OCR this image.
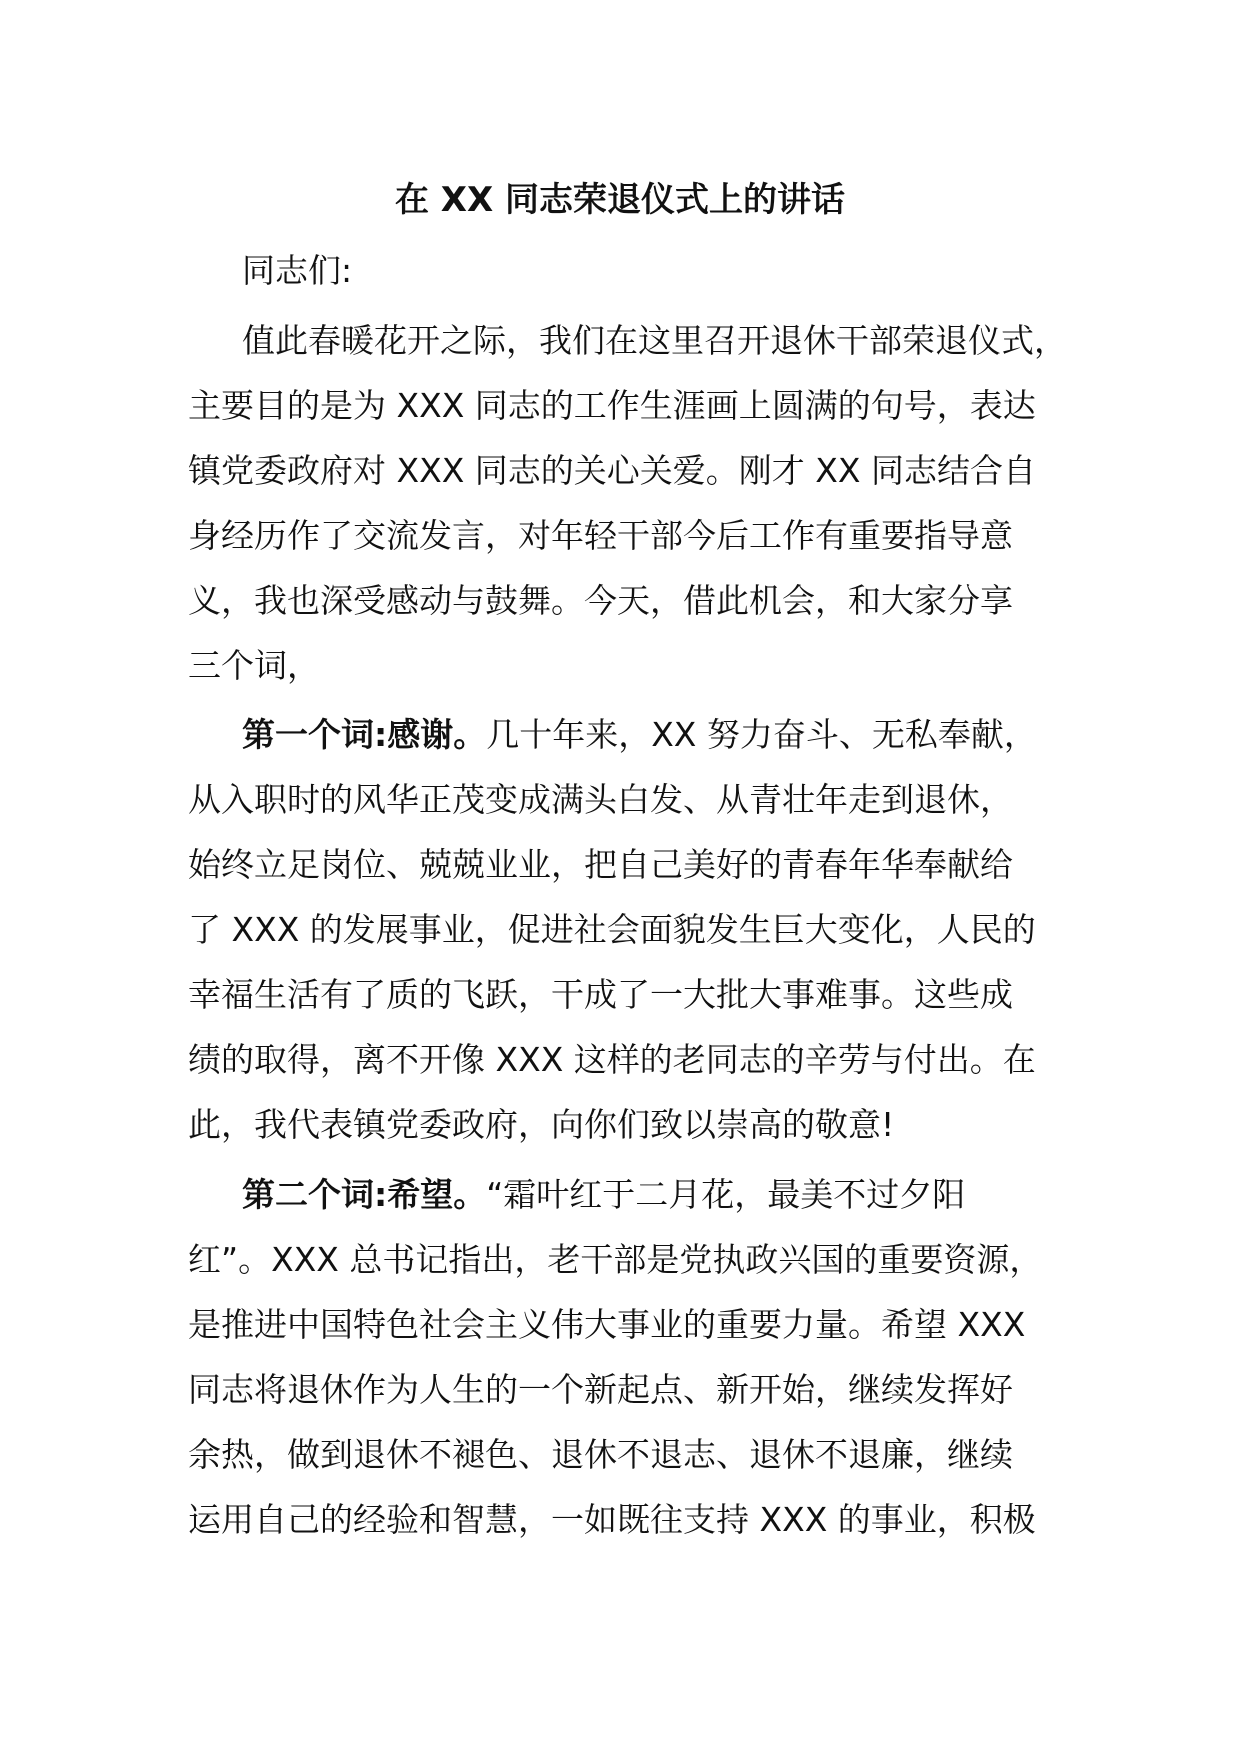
在 XX 同志荣退仪式上的讲话
同志们:
值此春暖花开之际，我们在这里召开退休干部荣退仪式，
主要目的是为 XXX 同志的工作生涯画上圆满的句号，表达
镇党委政府对 XXX 同志的关心关爱。刚才 XX 同志结合自
身经历作了交流发言，对年轻干部今后工作有重要指导意
义，我也深受感动与鼓舞。今天，借此机会，和大家分享
三个词，
第一个词:感谢。几十年来，XX 努力奋斗、无私奉献，
从入职时的风华正茂变成满头白发、从青壮年走到退休，
始终立足岗位、兢兢业业，把自己美好的青春年华奉献给
了 XXX 的发展事业，促进社会面貌发生巨大变化，人民的
幸福生活有了质的飞跃，干成了一大批大事难事。这些成
绩的取得，离不开像 XXX 这样的老同志的辛劳与付出。在
此，我代表镇党委政府，向你们致以崇高的敬意!
第二个词:希望。“霜叶红于二月花，最美不过夕阳
红”。XXX 总书记指出，老干部是党执政兴国的重要资源，
是推进中国特色社会主义伟大事业的重要力量。希望 XXX
同志将退休作为人生的一个新起点、新开始，继续发挥好
余热，做到退休不褪色、退休不退志、退休不退廉，继续
运用自己的经验和智慧，一如既往支持 XXX 的事业，积极
